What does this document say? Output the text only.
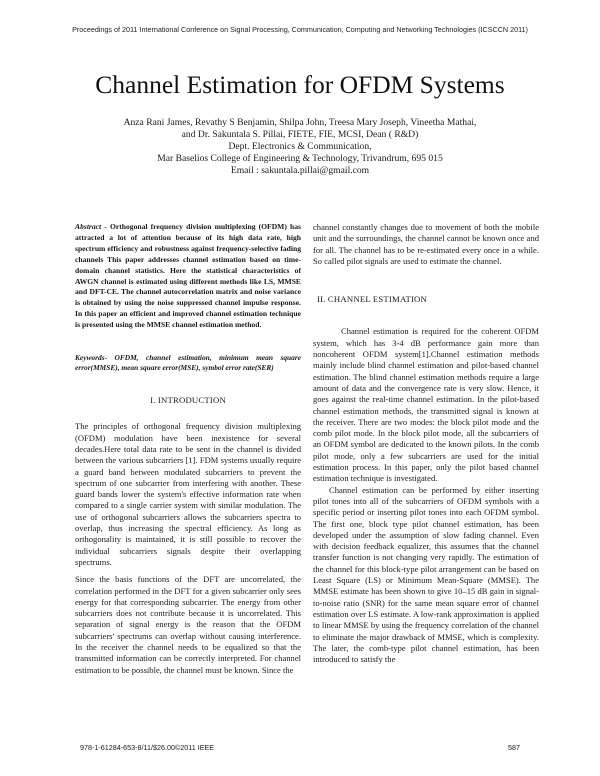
Proceedings of 2011 International Conference on Signal Processing, Communication, Computing and Networking Technologies (ICSCCN 2011)
Channel Estimation for OFDM Systems
Anza Rani James, Revathy S Benjamin, Shilpa John, Treesa Mary Joseph, Vineetha Mathai,
and Dr. Sakuntala S. Pillai, FIETE, FIE, MCSI, Dean ( R&D)
Dept. Electronics & Communication,
Mar Baselios College of Engineering & Technology, Trivandrum, 695 015
Email : sakuntala.pillai@gmail.com

Abstract - Orthogonal frequency division multiplexing (OFDM) has attracted a lot of attention because of its high data rate, high spectrum efficiency and robustness against frequency-selective fading channels This paper addresses channel estimation based on time-domain channel statistics. Here the statistical characteristics of AWGN channel is estimated using different methods like LS, MMSE and DFT-CE. The channel autocorrelation matrix and noise variance is obtained by using the noise suppressed channel impulse response. In this paper an efficient and improved channel estimation technique is presented using the MMSE channel estimation method.

Keywords- OFDM, channel estimation, minimum mean square error(MMSE), mean square error(MSE), symbol error rate(SER)

I. INTRODUCTION

The principles of orthogonal frequency division multiplexing (OFDM) modulation have been inexistence for several decades.Here total data rate to be sent in the channel is divided between the various subcarriers [1]. FDM systems usually require a guard band between modulated subcarriers to prevent the spectrum of one subcarrier from interfering with another. These guard bands lower the system's effective information rate when compared to a single carrier system with similar modulation. The use of orthogonal subcarriers allows the subcarriers spectra to overlap, thus increasing the spectral efficiency. As long as orthogonality is maintained, it is still possible to recover the individual subcarriers signals despite their overlapping spectrums.

Since the basis functions of the DFT are uncorrelated, the correlation performed in the DFT for a given subcarrier only sees energy for that corresponding subcarrier. The energy from other subcarriers does not contribute because it is uncorrelated. This separation of signal energy is the reason that the OFDM subcarriers' spectrums can overlap without causing interference. In the receiver the channel needs to be equalized so that the transmitted information can be correctly interpreted. For channel estimation to be possible, the channel must be known. Since the

channel constantly changes due to movement of both the mobile unit and the surroundings, the channel cannot be known once and for all. The channel has to be re-estimated every once in a while. So called pilot signals are used to estimate the channel.

II. CHANNEL ESTIMATION

Channel estimation is required for the coherent OFDM system, which has 3-4 dB performance gain more than noncoherent OFDM system[1].Channel estimation methods mainly include blind channel estimation and pilot-based channel estimation. The blind channel estimation methods require a large amount of data and the convergence rate is very slow. Hence, it goes against the real-time channel estimation. In the pilot-based channel estimation methods, the transmitted signal is known at the receiver. There are two modes: the block pilot mode and the comb pilot mode. In the block pilot mode, all the subcarriers of an OFDM symbol are dedicated to the known pilots. In the comb pilot mode, only a few subcarriers are used for the initial estimation process. In this paper, only the pilot based channel estimation technique is investigated.

Channel estimation can be performed by either inserting pilot tones into all of the subcarriers of OFDM symbols with a specific period or inserting pilot tones into each OFDM symbol. The first one, block type pilot channel estimation, has been developed under the assumption of slow fading channel. Even with decision feedback equalizer, this assumes that the channel transfer function is not changing very rapidly. The estimation of the channel for this block-type pilot arrangement can be based on Least Square (LS) or Minimum Mean-Square (MMSE). The MMSE estimate has been shown to give 10–15 dB gain in signal-to-noise ratio (SNR) for the same mean square error of channel estimation over LS estimate. A low-rank approximation is applied to linear MMSE by using the frequency correlation of the channel to eliminate the major drawback of MMSE, which is complexity. The later, the comb-type pilot channel estimation, has been introduced to satisfy the

978-1-61284-653-8/11/$26.00©2011 IEEE	587
